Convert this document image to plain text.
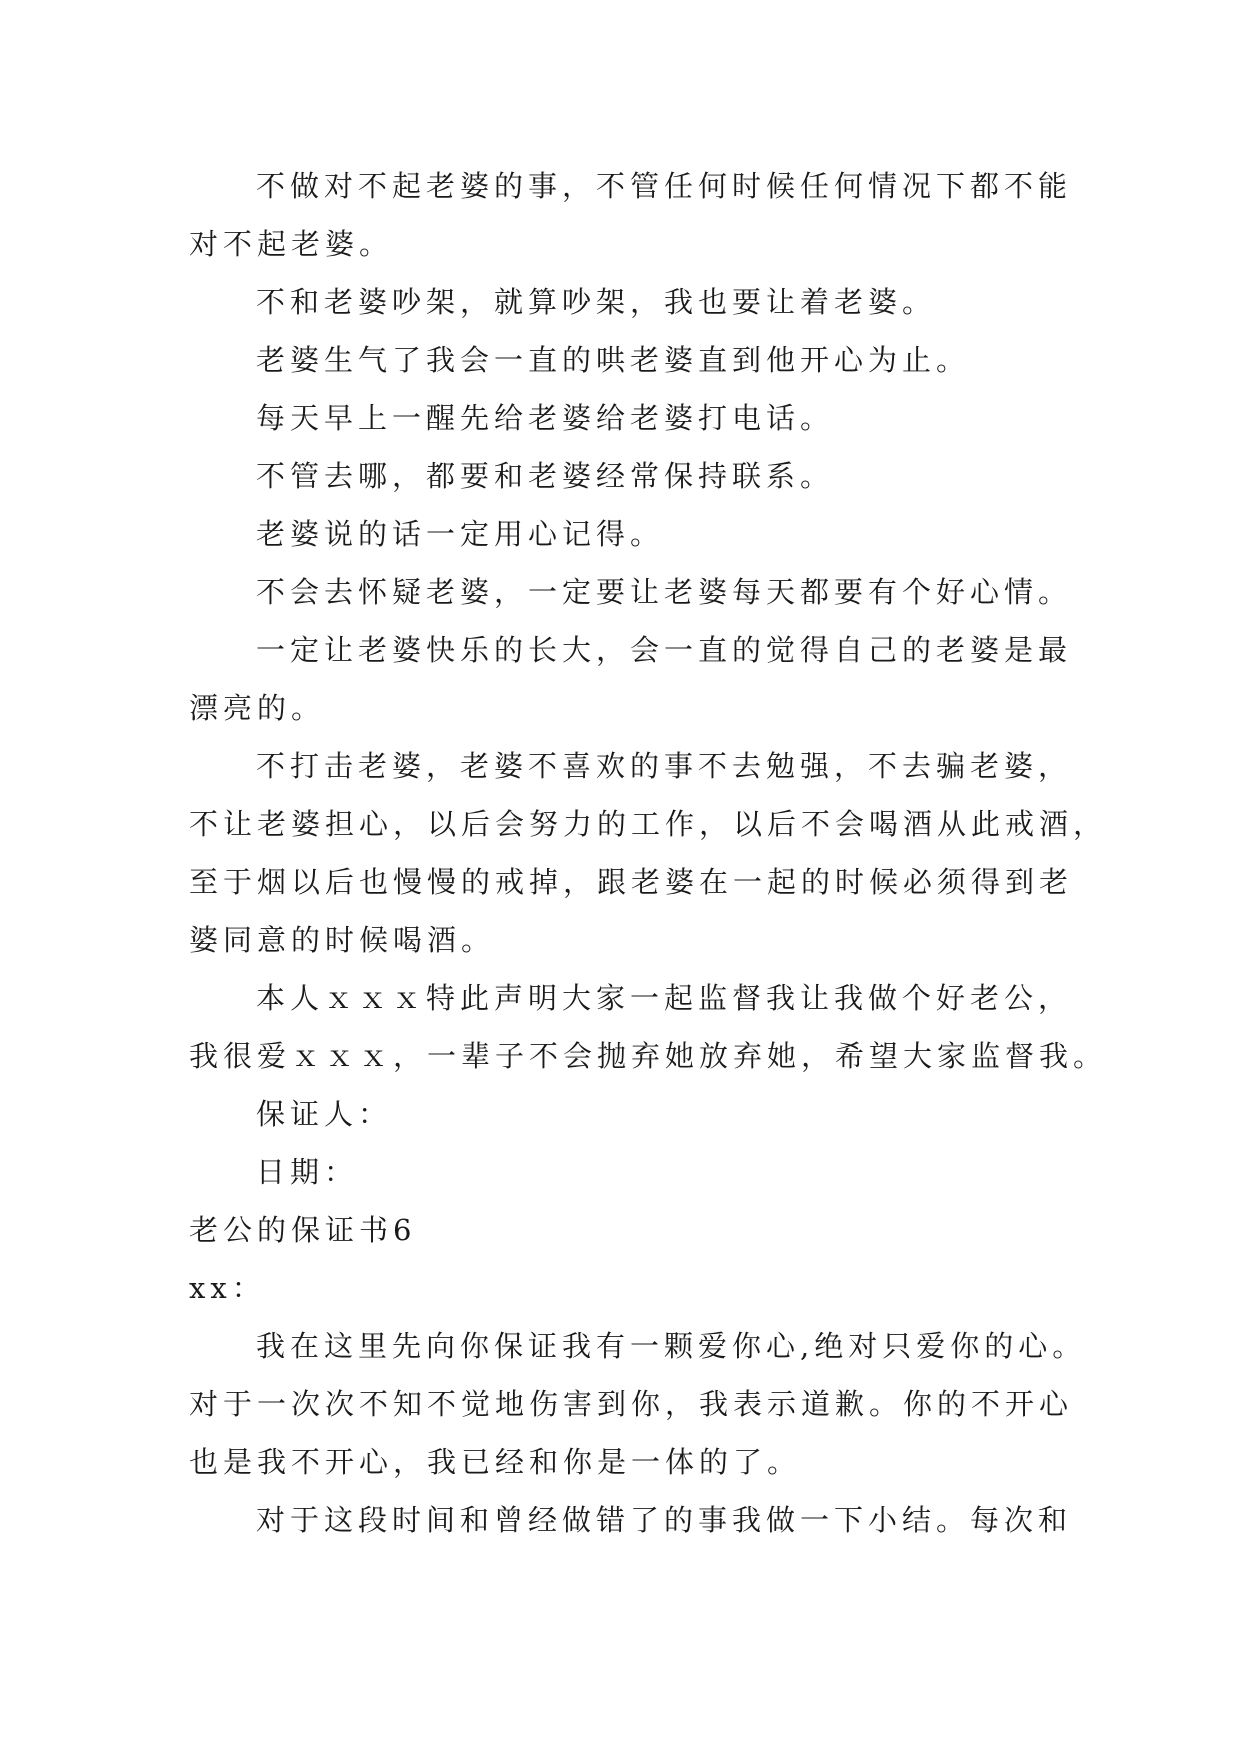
不做对不起老婆的事，不管任何时候任何情况下都不能
对不起老婆。
不和老婆吵架，就算吵架，我也要让着老婆。
老婆生气了我会一直的哄老婆直到他开心为止。
每天早上一醒先给老婆给老婆打电话。
不管去哪，都要和老婆经常保持联系。
老婆说的话一定用心记得。
不会去怀疑老婆，一定要让老婆每天都要有个好心情。
一定让老婆快乐的长大，会一直的觉得自己的老婆是最
漂亮的。
不打击老婆，老婆不喜欢的事不去勉强，不去骗老婆，
不让老婆担心，以后会努力的工作，以后不会喝酒从此戒酒，
至于烟以后也慢慢的戒掉，跟老婆在一起的时候必须得到老
婆同意的时候喝酒。
本人ｘｘｘ特此声明大家一起监督我让我做个好老公，
我很爱ｘｘｘ，一辈子不会抛弃她放弃她，希望大家监督我。
保证人：
日期：
老公的保证书6
xx：
我在这里先向你保证我有一颗爱你心,绝对只爱你的心。
对于一次次不知不觉地伤害到你，我表示道歉。你的不开心
也是我不开心，我已经和你是一体的了。
对于这段时间和曾经做错了的事我做一下小结。每次和
